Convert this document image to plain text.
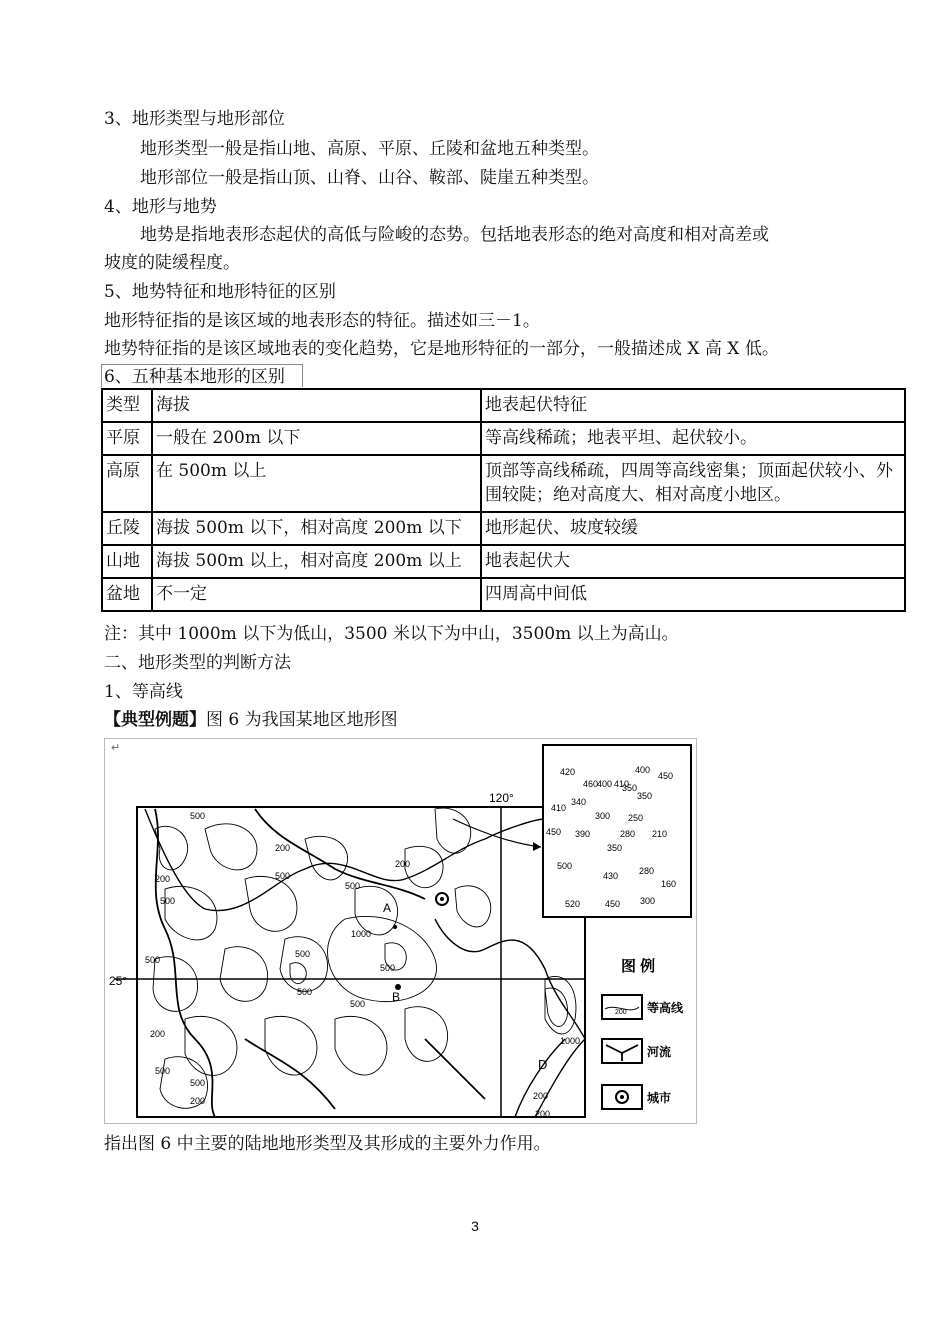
3、地形类型与地形部位
地形类型一般是指山地、高原、平原、丘陵和盆地五种类型。
地形部位一般是指山顶、山脊、山谷、鞍部、陡崖五种类型。
4、地形与地势
地势是指地表形态起伏的高低与险峻的态势。包括地表形态的绝对高度和相对高差或
坡度的陡缓程度。
5、地势特征和地形特征的区别
地形特征指的是该区域的地表形态的特征。描述如三－1。
地势特征指的是该区域地表的变化趋势，它是地形特征的一部分，一般描述成 X 高 X 低。
6、五种基本地形的区别
类型	海拔	地表起伏特征
平原	一般在 200m 以下	等高线稀疏；地表平坦、起伏较小。
高原	在 500m 以上	顶部等高线稀疏，四周等高线密集；顶面起伏较小、外围较陡；绝对高度大、相对高度小地区。
丘陵	海拔 500m 以下，相对高度 200m 以下	地形起伏、坡度较缓
山地	海拔 500m 以上，相对高度 200m 以上	地表起伏大
盆地	不一定	四周高中间低
注：其中 1000m 以下为低山，3500 米以下为中山，3500m 以上为高山。
二、地形类型的判断方法
1、等高线
【典型例题】图 6 为我国某地区地形图
↵
120°
25°
A
B
D
500
200
500
200
500
200
500
1000
500
500
500
500
500
500
200
500
200	200
1000
200
460 410
420	400
350
400
450
350
410
340
300 250
450 390	280 210
350
500
430 280
160
520	450 300
图 例
200 等高线
河流
城市
指出图 6 中主要的陆地地形类型及其形成的主要外力作用。
3
